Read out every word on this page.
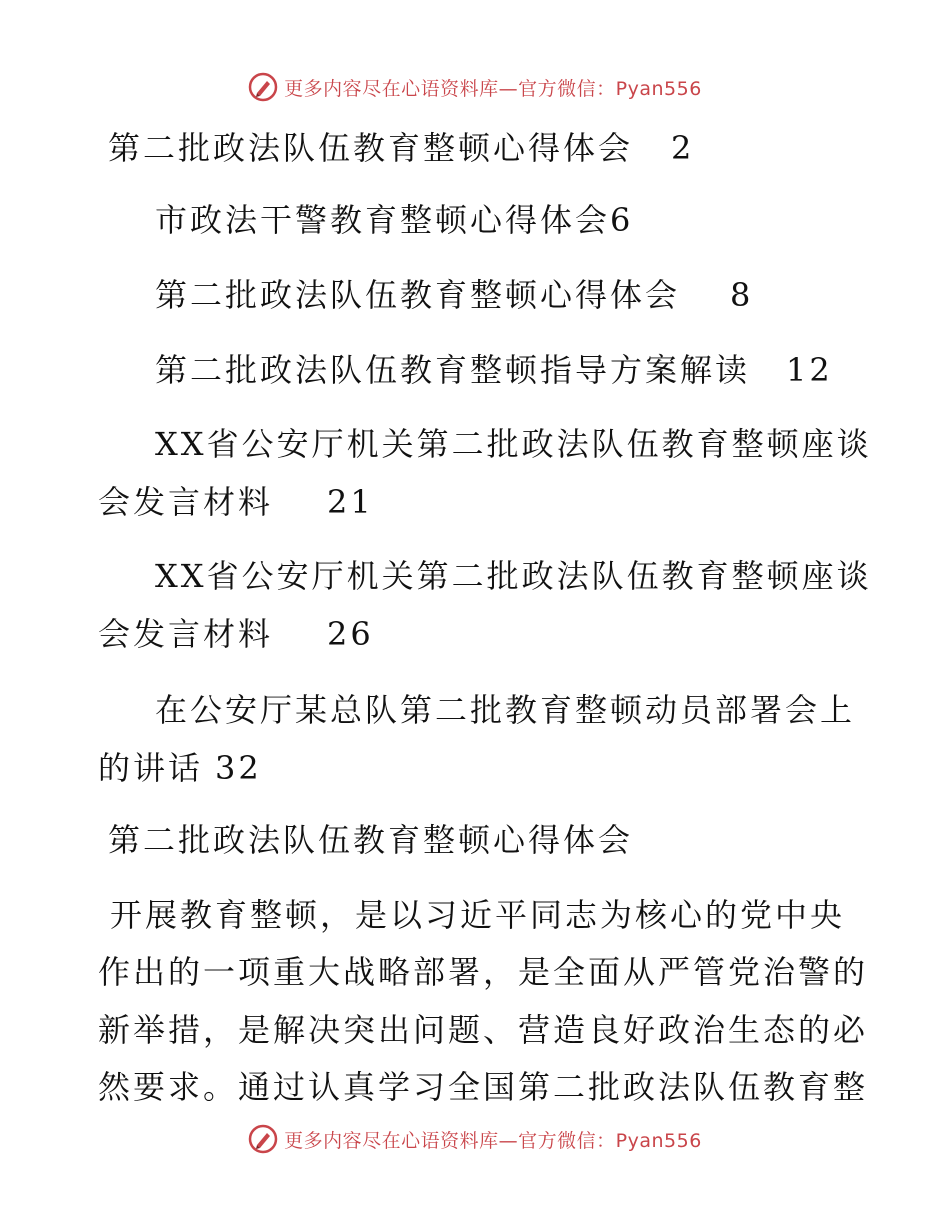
更多内容尽在心语资料库—官方微信：Pyan556
第二批政法队伍教育整顿心得体会 2
市政法干警教育整顿心得体会6
第二批政法队伍教育整顿心得体会 8
第二批政法队伍教育整顿指导方案解读 12
XX省公安厅机关第二批政法队伍教育整顿座谈
会发言材料 21
XX省公安厅机关第二批政法队伍教育整顿座谈
会发言材料 26
在公安厅某总队第二批教育整顿动员部署会上
的讲话 32
第二批政法队伍教育整顿心得体会
开展教育整顿，是以习近平同志为核心的党中央
作出的一项重大战略部署，是全面从严管党治警的
新举措，是解决突出问题、营造良好政治生态的必
然要求。通过认真学习全国第二批政法队伍教育整
更多内容尽在心语资料库—官方微信：Pyan556
